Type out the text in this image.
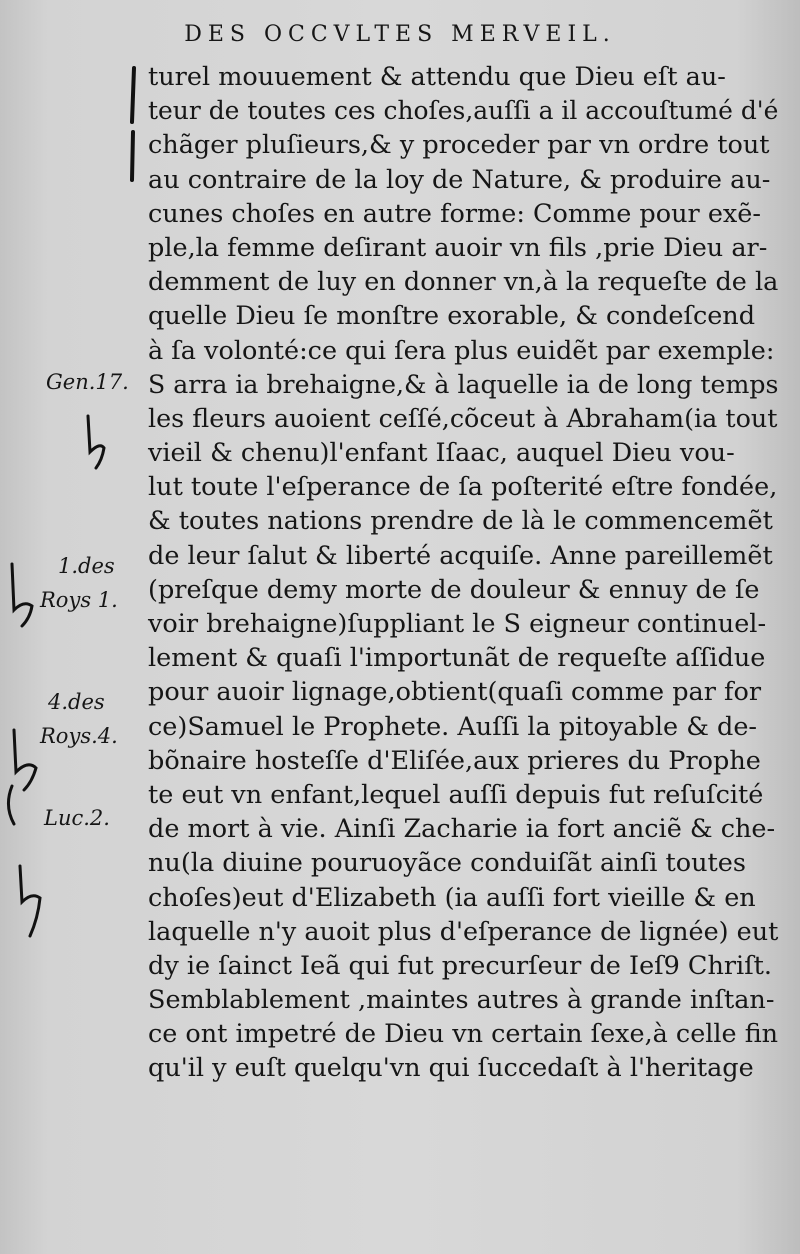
DES OCCVLTES MERVEIL.
Gen.17.
1.des
Roys 1.
4.des
Roys.4.
Luc.2.
turel mouuement & attendu que Dieu eſt au-
teur de toutes ces choſes,auſſi a il accouſtumé d'é
chãger pluſieurs,& y proceder par vn ordre tout
au contraire de la loy de Nature, & produire au-
cunes choſes en autre forme: Comme pour exẽ-
ple,la femme deſirant auoir vn fils ,prie Dieu ar-
demment de luy en donner vn,à la requeſte de la
quelle Dieu ſe monſtre exorable, & condeſcend
à ſa volonté:ce qui ſera plus euidẽt par exemple:
S arra ia brehaigne,& à laquelle ia de long temps
les fleurs auoient ceſſé,cõceut à Abraham(ia tout
vieil & chenu)l'enfant Iſaac, auquel Dieu vou-
lut toute l'eſperance de ſa poſterité eſtre fondée,
& toutes nations prendre de là le commencemẽt
de leur ſalut & liberté acquiſe. Anne pareillemẽt
(preſque demy morte de douleur & ennuy de ſe
voir brehaigne)ſuppliant le S eigneur continuel-
lement & quaſi l'importunãt de requeſte aſſidue
pour auoir lignage,obtient(quaſi comme par for
ce)Samuel le Prophete. Auſſi la pitoyable & de-
bõnaire hosteſſe d'Eliſée,aux prieres du Prophe
te eut vn enfant,lequel auſſi depuis fut reſuſcité
de mort à vie. Ainſi Zacharie ia fort anciẽ & che-
nu(la diuine pouruoyãce conduiſãt ainſi toutes
choſes)eut d'Elizabeth (ia auſſi fort vieille & en
laquelle n'y auoit plus d'eſperance de lignée) eut
dy ie ſainct Ieã qui fut precurſeur de Ieſ9 Chriſt.
Semblablement ,maintes autres à grande inſtan-
ce ont impetré de Dieu vn certain ſexe,à celle fin
qu'il y euſt quelqu'vn qui ſuccedaſt à l'heritage
